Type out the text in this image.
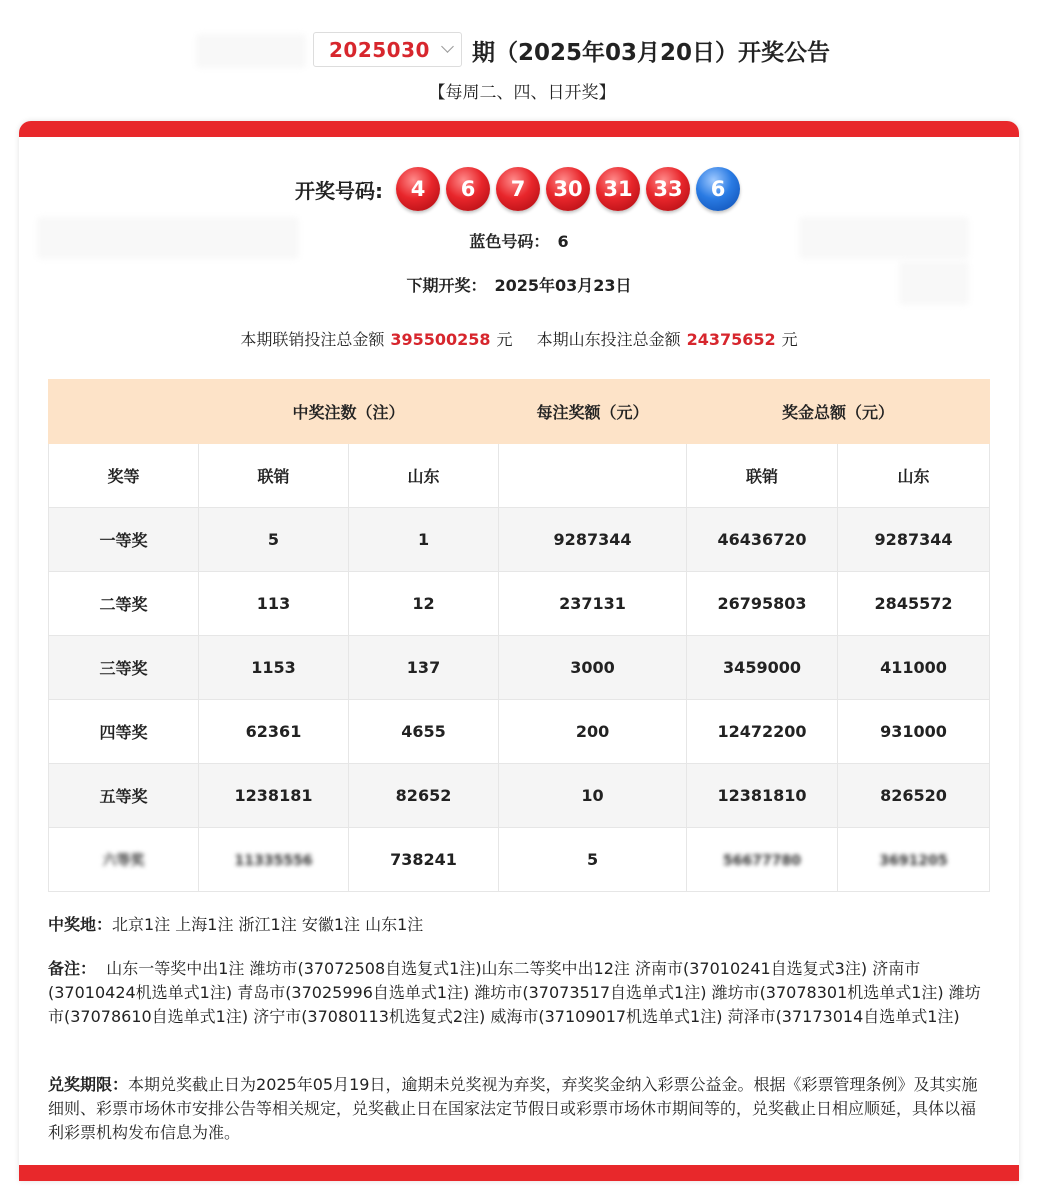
2025030 期（2025年03月20日）开奖公告
【每周二、四、日开奖】
开奖号码:	4	6	7	30 31 33	6
蓝色号码： 6
下期开奖： 2025年03月23日
本期联销投注总金额 395500258 元 本期山东投注总金额 24375652 元
	中奖注数（注）		每注奖额（元）	奖金总额（元）	
奖等	联销	山东		联销	山东
一等奖	5	1	9287344	46436720	9287344
二等奖	113	12	237131	26795803	2845572
三等奖	1153	137	3000	3459000	411000
四等奖	62361	4655	200	12472200	931000
五等奖	1238181	82652	10	12381810	826520
六等奖	11335556	738241	5	56677780	3691205
中奖地：北京1注 上海1注 浙江1注 安徽1注 山东1注
备注： 山东一等奖中出1注 潍坊市(37072508自选复式1注)山东二等奖中出12注 济南市(37010241自选复式3注) 济南市(37010424机选单式1注) 青岛市(37025996自选单式1注) 潍坊市(37073517自选单式1注) 潍坊市(37078301机选单式1注) 潍坊市(37078610自选单式1注) 济宁市(37080113机选复式2注) 威海市(37109017机选单式1注) 菏泽市(37173014自选单式1注)
兑奖期限：本期兑奖截止日为2025年05月19日，逾期未兑奖视为弃奖，弃奖奖金纳入彩票公益金。根据《彩票管理条例》及其实施细则、彩票市场休市安排公告等相关规定，兑奖截止日在国家法定节假日或彩票市场休市期间等的，兑奖截止日相应顺延，具体以福利彩票机构发布信息为准。
